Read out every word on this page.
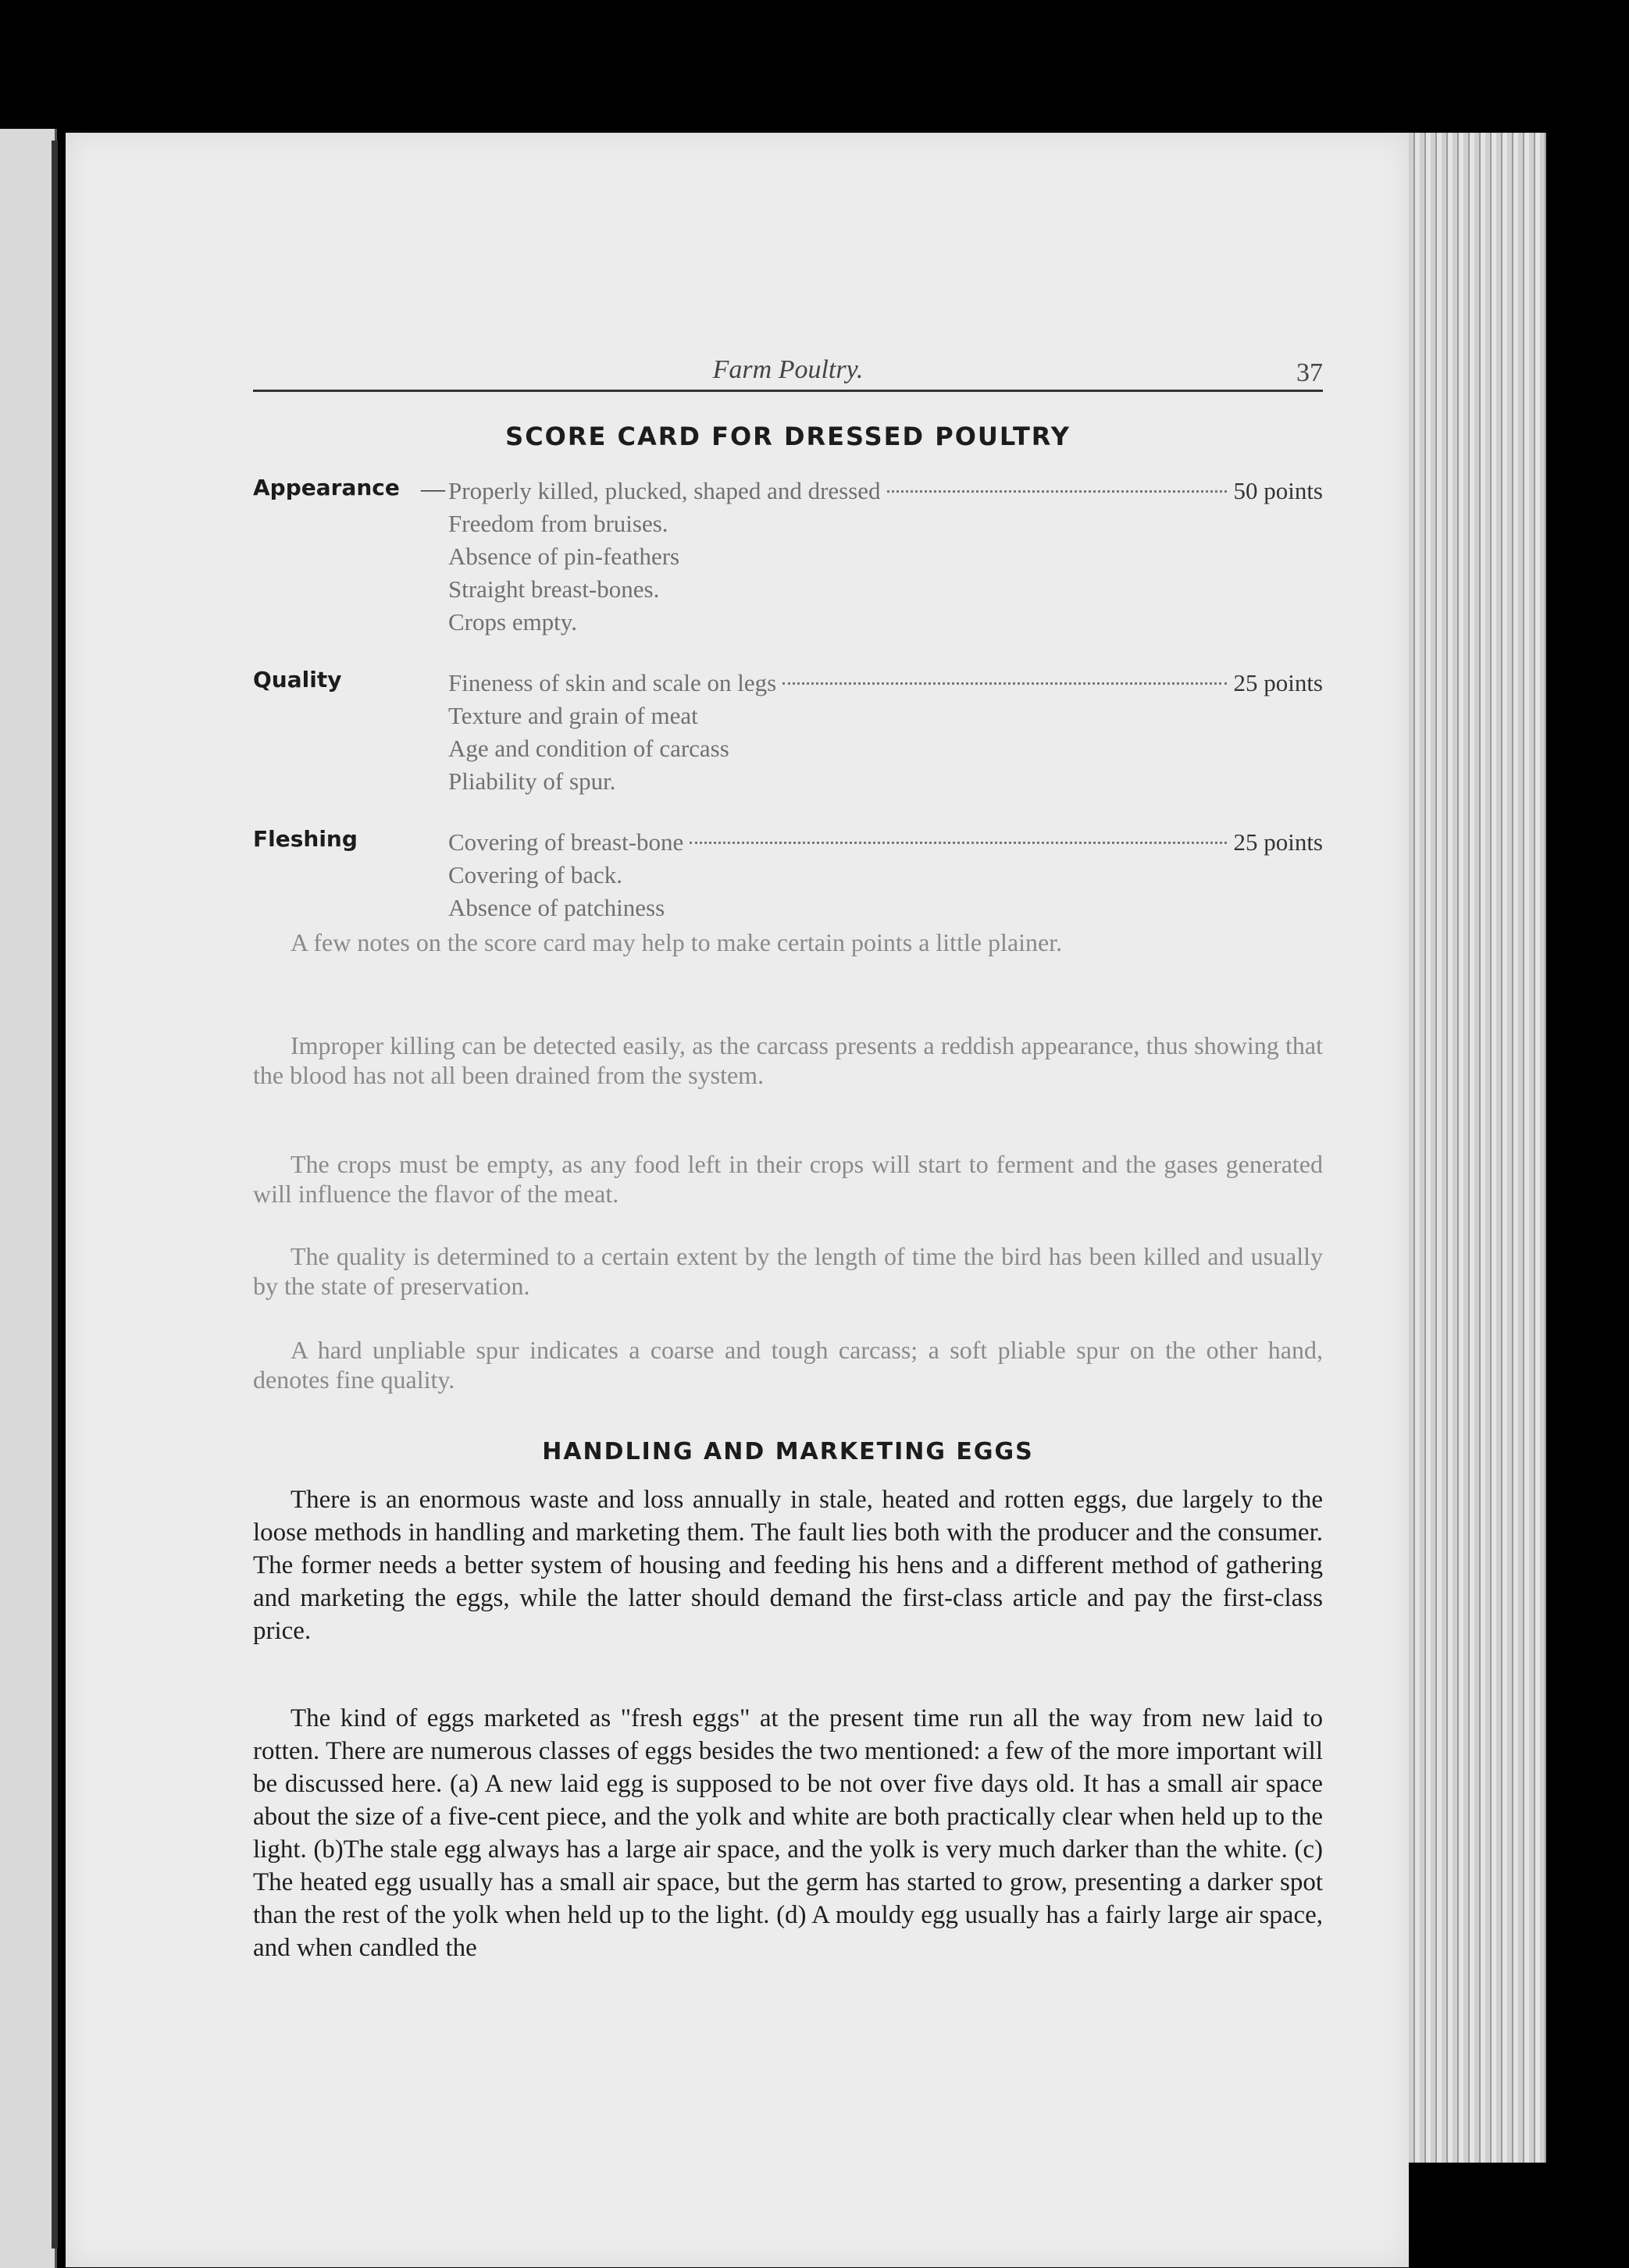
Farm Poultry.	37
SCORE CARD FOR DRESSED POULTRY
Appearance — Properly killed, plucked, shaped and dressed	50 points
Freedom from bruises.
Absence of pin-feathers
Straight breast-bones.
Crops empty.
Quality	Fineness of skin and scale on legs	25 points
Texture and grain of meat
Age and condition of carcass
Pliability of spur.
Fleshing	Covering of breast-bone	25 points
Covering of back.
Absence of patchiness

A few notes on the score card may help to make certain points a little plainer.

Improper killing can be detected easily, as the carcass presents a reddish appearance, thus showing that the blood has not all been drained from the system.

The crops must be empty, as any food left in their crops will start to ferment and the gases generated will influence the flavor of the meat.

The quality is determined to a certain extent by the length of time the bird has been killed and usually by the state of preservation.

A hard unpliable spur indicates a coarse and tough carcass; a soft pliable spur on the other hand, denotes fine quality.

HANDLING AND MARKETING EGGS

There is an enormous waste and loss annually in stale, heated and rotten eggs, due largely to the loose methods in handling and marketing them. The fault lies both with the producer and the consumer. The former needs a better system of housing and feeding his hens and a different method of gathering and marketing the eggs, while the latter should demand the first-class article and pay the first-class price.

The kind of eggs marketed as "fresh eggs" at the present time run all the way from new laid to rotten. There are numerous classes of eggs besides the two mentioned: a few of the more important will be discussed here. (a) A new laid egg is supposed to be not over five days old. It has a small air space about the size of a five-cent piece, and the yolk and white are both practically clear when held up to the light. (b)The stale egg always has a large air space, and the yolk is very much darker than the white. (c) The heated egg usually has a small air space, but the germ has started to grow, presenting a darker spot than the rest of the yolk when held up to the light. (d) A mouldy egg usually has a fairly large air space, and when candled the
